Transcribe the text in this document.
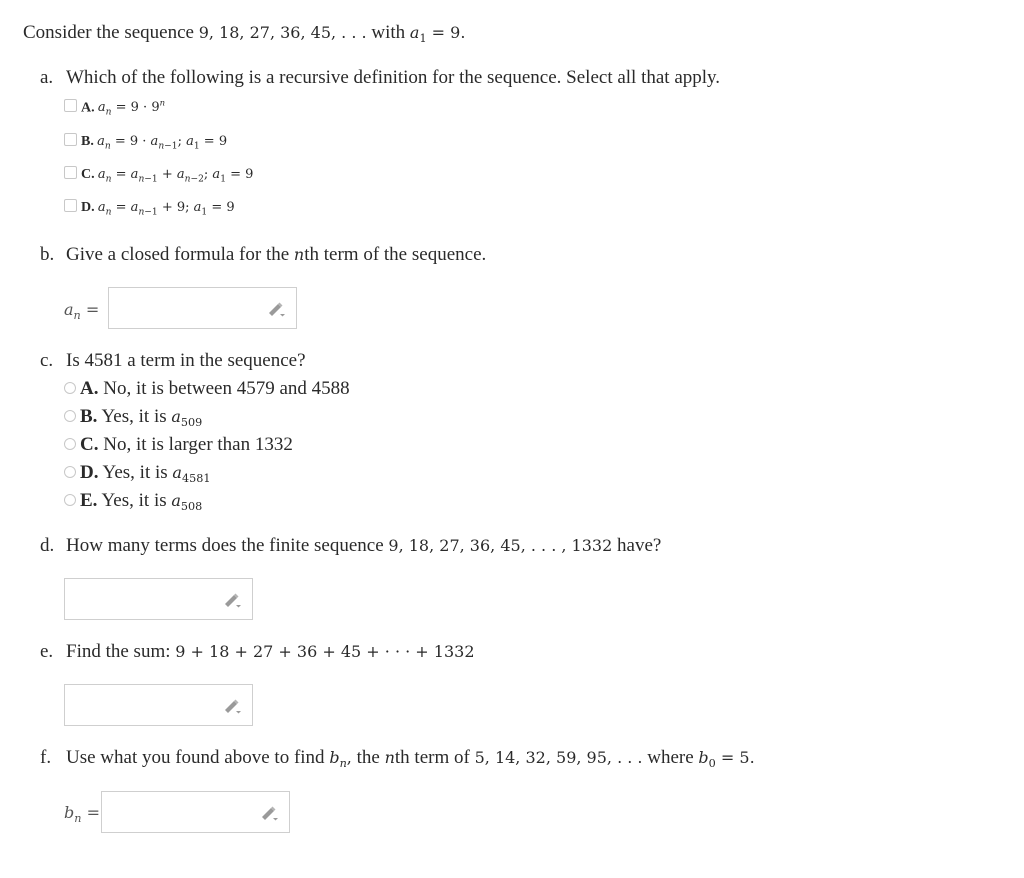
Consider the sequence 9, 18, 27, 36, 45, . . . with $a_1 = 9$.
a. Which of the following is a recursive definition for the sequence. Select all that apply.
A. $a_n = 9 \cdot 9^n$
B. $a_n = 9 \cdot a_{n-1}$; $a_1 = 9$
C. $a_n = a_{n-1} + a_{n-2}$; $a_1 = 9$
D. $a_n = a_{n-1} + 9$; $a_1 = 9$
b. Give a closed formula for the nth term of the sequence.
$a_n$ =
c. Is 4581 a term in the sequence?
A. No, it is between 4579 and 4588
B. Yes, it is $a_{509}$
C. No, it is larger than 1332
D. Yes, it is $a_{4581}$
E. Yes, it is $a_{508}$
d. How many terms does the finite sequence 9, 18, 27, 36, 45, . . . , 1332 have?
e. Find the sum: 9 + 18 + 27 + 36 + 45 + · · · + 1332
f. Use what you found above to find $b_n$, the nth term of 5, 14, 32, 59, 95, . . . where $b_0 = 5$.
$b_n$ =
